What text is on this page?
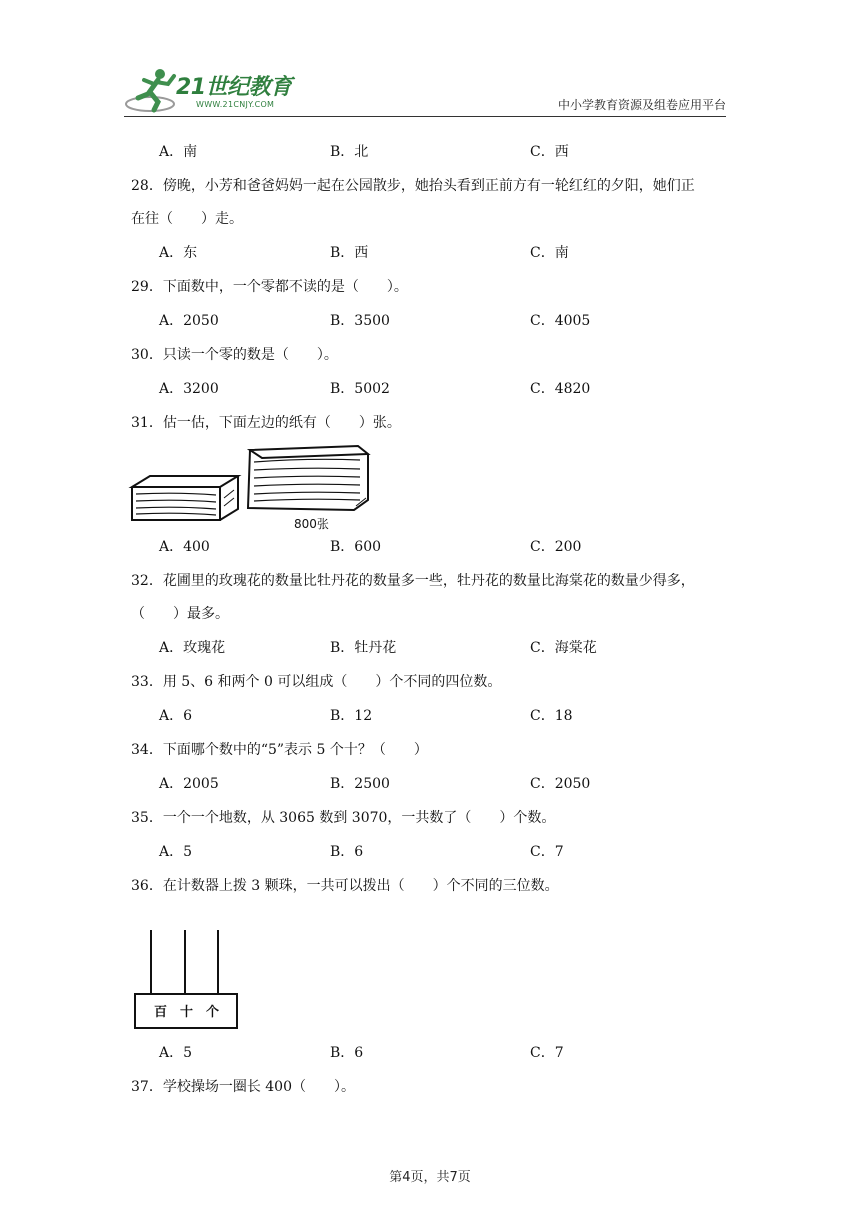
21世纪教育
WWW.21CNJY.COM	中小学教育资源及组卷应用平台
A．南	B．北	C．西
28．傍晚，小芳和爸爸妈妈一起在公园散步，她抬头看到正前方有一轮红红的夕阳，她们正
在往（　　）走。
A．东	B．西	C．南
29．下面数中，一个零都不读的是（　　）。
A．2050	B．3500	C．4005
30．只读一个零的数是（　　）。
A．3200	B．5002	C．4820
31．估一估，下面左边的纸有（　　）张。
800张
A．400	B．600	C．200
32．花圃里的玫瑰花的数量比牡丹花的数量多一些，牡丹花的数量比海棠花的数量少得多，
（　　）最多。
A．玫瑰花	B．牡丹花	C．海棠花
33．用 5、6 和两个 0 可以组成（　　）个不同的四位数。
A．6	B．12	C．18
34．下面哪个数中的“5”表示 5 个十？（　　）
A．2005	B．2500	C．2050
35．一个一个地数，从 3065 数到 3070，一共数了（　　）个数。
A．5	B．6	C．7
36．在计数器上拨 3 颗珠，一共可以拨出（　　）个不同的三位数。
百　十　个
A．5	B．6	C．7
37．学校操场一圈长 400（　　）。
第4页，共7页
